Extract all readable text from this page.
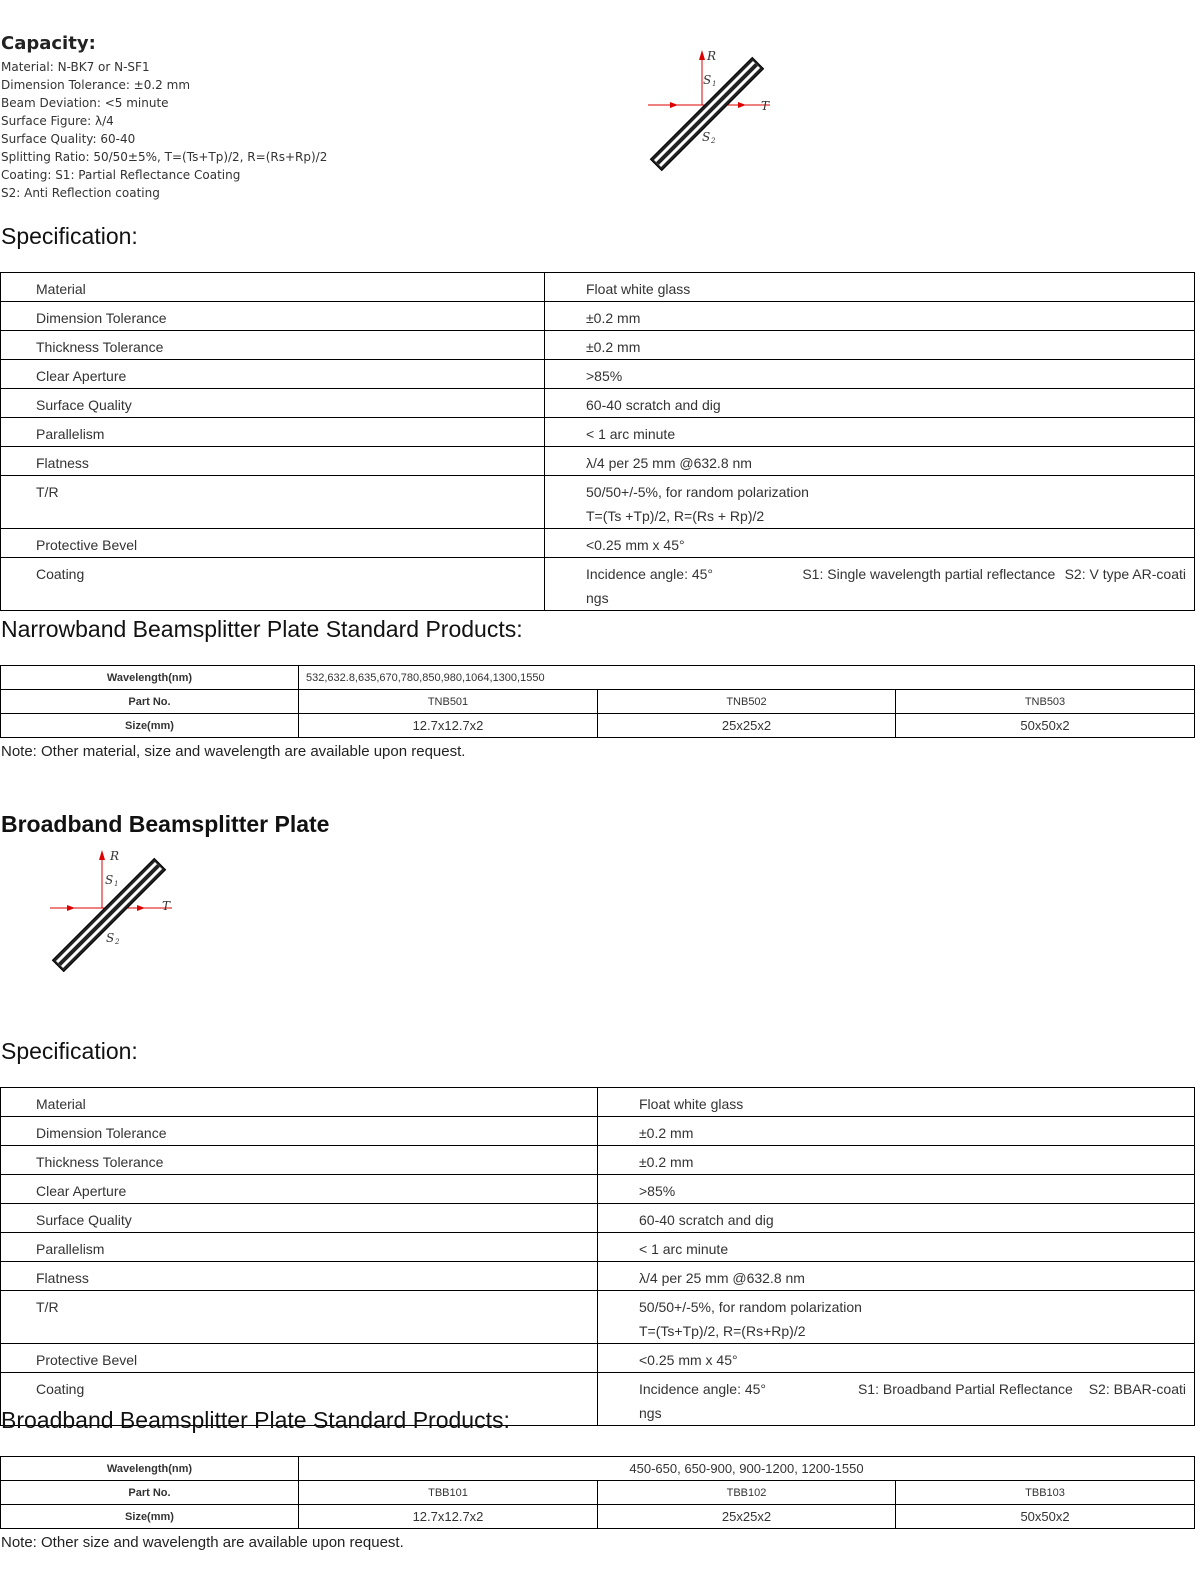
Capacity:
Material: N-BK7 or N-SF1
Dimension Tolerance: ±0.2 mm
Beam Deviation: <5 minute
Surface Figure: λ/4
Surface Quality: 60-40
Splitting Ratio: 50/50±5%, T=(Ts+Tp)/2, R=(Rs+Rp)/2
Coating: S1: Partial Reflectance Coating
S2: Anti Reflection coating
R
S 1
S 2
T
Specification:
Material	Float white glass

Dimension Tolerance	±0.2 mm

Thickness Tolerance	±0.2 mm

Clear Aperture	>85%

Surface Quality	60-40 scratch and dig

Parallelism	< 1 arc minute

Flatness	λ/4 per 25 mm @632.8 nm

T/R	50/50+/-5%, for random polarization
T=(Ts +Tp)/2, R=(Rs + Rp)/2

Protective Bevel	<0.25 mm x 45°

Coating	Incidence angle: 45° S1: Single wavelength partial reflectance S2: V type AR-coati
ngs
Narrowband Beamsplitter Plate Standard Products:
Wavelength(nm)	532,632.8,635,670,780,850,980,1064,1300,1550		
Part No.	TNB501	TNB502	TNB503
Size(mm)	12.7x12.7x2	25x25x2	50x50x2
Note: Other material, size and wavelength are available upon request.
Broadband Beamsplitter Plate
R
S 1
S 2
T
Specification:
Material	Float white glass

Dimension Tolerance	±0.2 mm

Thickness Tolerance	±0.2 mm

Clear Aperture	>85%

Surface Quality	60-40 scratch and dig

Parallelism	< 1 arc minute

Flatness	λ/4 per 25 mm @632.8 nm

T/R	50/50+/-5%, for random polarization
T=(Ts+Tp)/2, R=(Rs+Rp)/2

Protective Bevel	<0.25 mm x 45°

Coating	Incidence angle: 45° S1: Broadband Partial Reflectance S2: BBAR-coati
ngs
Broadband Beamsplitter Plate Standard Products:
Wavelength(nm)	450-650, 650-900, 900-1200, 1200-1550		
Part No.	TBB101	TBB102	TBB103
Size(mm)	12.7x12.7x2	25x25x2	50x50x2
Note: Other size and wavelength are available upon request.
